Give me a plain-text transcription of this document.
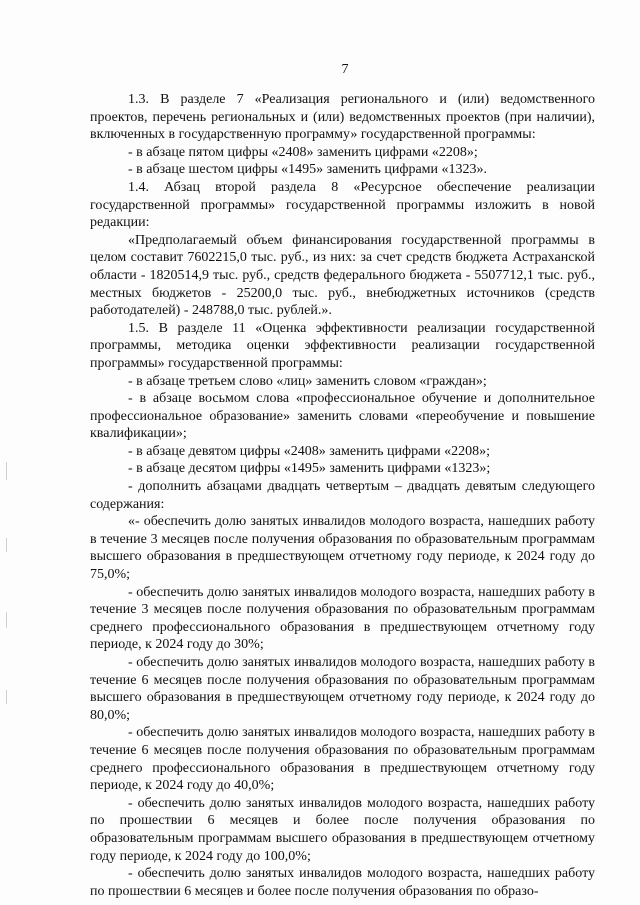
7

1.3. В разделе 7 «Реализация регионального и (или) ведомственного проектов, перечень региональных и (или) ведомственных проектов (при наличии), включенных в государственную программу» государственной программы:

- в абзаце пятом цифры «2408» заменить цифрами «2208»;

- в абзаце шестом цифры «1495» заменить цифрами «1323».

1.4. Абзац второй раздела 8 «Ресурсное обеспечение реализации государственной программы» государственной программы изложить в новой редакции:

«Предполагаемый объем финансирования государственной программы в целом составит 7602215,0 тыс. руб., из них: за счет средств бюджета Астраханской области - 1820514,9 тыс. руб., средств федерального бюджета - 5507712,1 тыс. руб., местных бюджетов - 25200,0 тыс. руб., внебюджетных источников (средств работодателей) - 248788,0 тыс. рублей.».

1.5. В разделе 11 «Оценка эффективности реализации государственной программы, методика оценки эффективности реализации государственной программы» государственной программы:

- в абзаце третьем слово «лиц» заменить словом «граждан»;

- в абзаце восьмом слова «профессиональное обучение и дополнительное профессиональное образование» заменить словами «переобучение и повышение квалификации»;

- в абзаце девятом цифры «2408» заменить цифрами «2208»;

- в абзаце десятом цифры «1495» заменить цифрами «1323»;

- дополнить абзацами двадцать четвертым – двадцать девятым следующего содержания:

«- обеспечить долю занятых инвалидов молодого возраста, нашедших работу в течение 3 месяцев после получения образования по образовательным программам высшего образования в предшествующем отчетному году периоде, к 2024 году до 75,0%;

- обеспечить долю занятых инвалидов молодого возраста, нашедших работу в течение 3 месяцев после получения образования по образовательным программам среднего профессионального образования в предшествующем отчетному году периоде, к 2024 году до 30%;

- обеспечить долю занятых инвалидов молодого возраста, нашедших работу в течение 6 месяцев после получения образования по образовательным программам высшего образования в предшествующем отчетному году периоде, к 2024 году до 80,0%;

- обеспечить долю занятых инвалидов молодого возраста, нашедших работу в течение 6 месяцев после получения образования по образовательным программам среднего профессионального образования в предшествующем отчетному году периоде, к 2024 году до 40,0%;

- обеспечить долю занятых инвалидов молодого возраста, нашедших работу по прошествии 6 месяцев и более после получения образования по образовательным программам высшего образования в предшествующем отчетному году периоде, к 2024 году до 100,0%;

- обеспечить долю занятых инвалидов молодого возраста, нашедших работу по прошествии 6 месяцев и более после получения образования по образо-
